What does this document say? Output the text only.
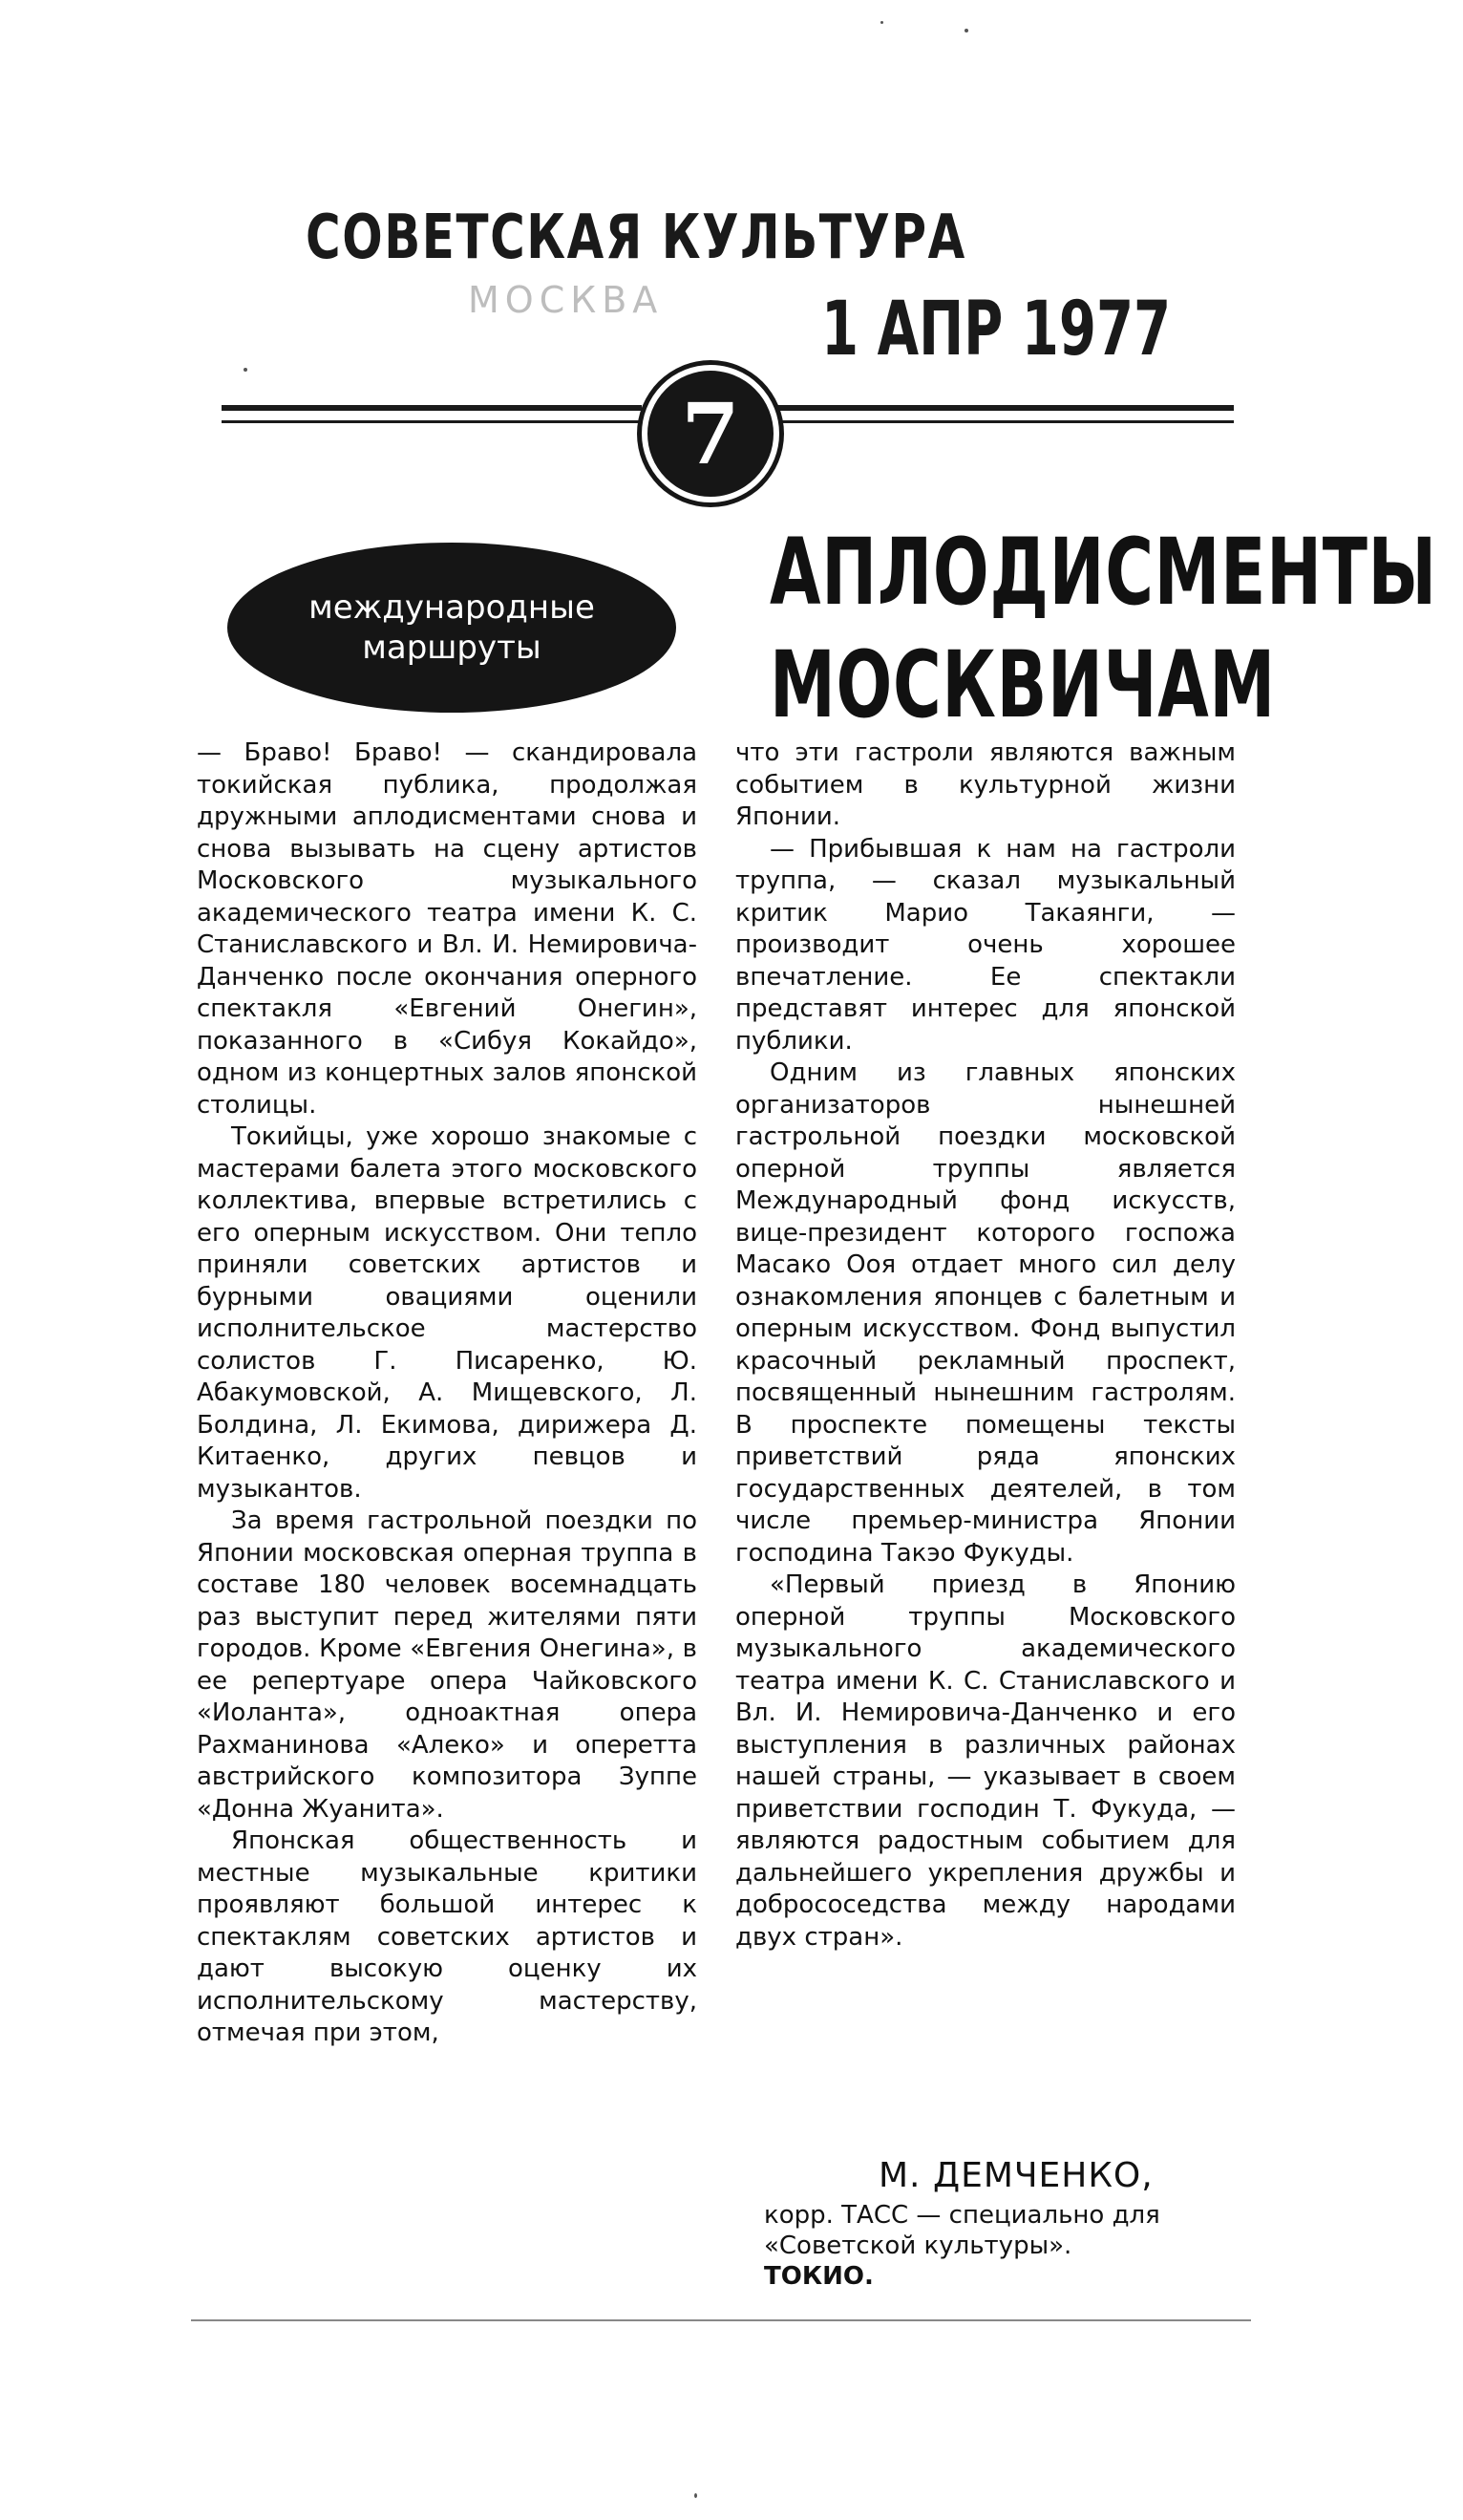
СОВЕТСКАЯ КУЛЬТУРА
МОСКВА 1 АПР 1977
7
международные
маршруты
АПЛОДИСМЕНТЫ
МОСКВИЧАМ

— Браво! Браво! — скандировала токийская публика, продолжая дружными аплодисментами снова и снова вызывать на сцену артистов Московского музыкального академического театра имени К. С. Станиславского и Вл. И. Немировича-Данченко после окончания оперного спектакля «Евгений Онегин», показанного в «Сибуя Кокайдо», одном из концертных залов японской столицы.

Токийцы, уже хорошо знакомые с мастерами балета этого московского коллектива, впервые встретились с его оперным искусством. Они тепло приняли советских артистов и бурными овациями оценили исполнительское мастерство солистов Г. Писаренко, Ю. Абакумовской, А. Мищевского, Л. Болдина, Л. Екимова, дирижера Д. Китаенко, других певцов и музыкантов.

За время гастрольной поездки по Японии московская оперная труппа в составе 180 человек восемнадцать раз выступит перед жителями пяти городов. Кроме «Евгения Онегина», в ее репертуаре опера Чайковского «Иоланта», одноактная опера Рахманинова «Алеко» и оперетта австрийского композитора Зуппе «Донна Жуанита».

Японская общественность и местные музыкальные критики проявляют большой интерес к спектаклям советских артистов и дают высокую оценку их исполнительскому мастерству, отмечая при этом,

что эти гастроли являются важным событием в культурной жизни Японии.

— Прибывшая к нам на гастроли труппа, — сказал музыкальный критик Марио Такаянги, — производит очень хорошее впечатление. Ее спектакли представят интерес для японской публики.

Одним из главных японских организаторов нынешней гастрольной поездки московской оперной труппы является Международный фонд искусств, вице-президент которого госпожа Масако Ооя отдает много сил делу ознакомления японцев с балетным и оперным искусством. Фонд выпустил красочный рекламный проспект, посвященный нынешним гастролям. В проспекте помещены тексты приветствий ряда японских государственных деятелей, в том числе премьер-министра Японии господина Такэо Фукуды.

«Первый приезд в Японию оперной труппы Московского музыкального академического театра имени К. С. Станиславского и Вл. И. Немировича-Данченко и его выступления в различных районах нашей страны, — указывает в своем приветствии господин Т. Фукуда, — являются радостным событием для дальнейшего укрепления дружбы и добрососедства между народами двух стран».

М. ДЕМЧЕНКО,
корр. ТАСС — специально для «Советской культуры».
ТОКИО.
